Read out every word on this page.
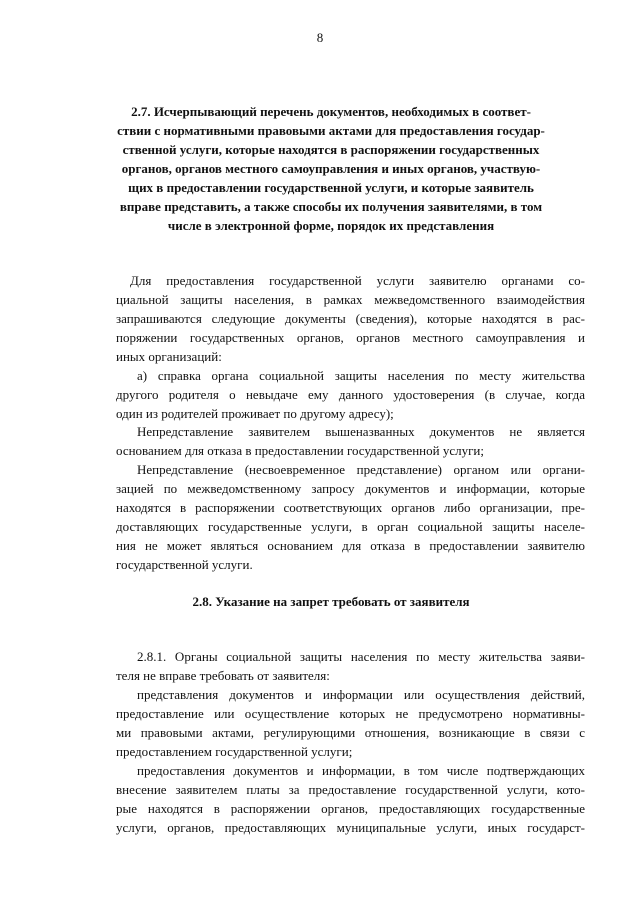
8
2.7. Исчерпывающий перечень документов, необходимых в соответ-
ствии с нормативными правовыми актами для предоставления государ-
ственной услуги, которые находятся в распоряжении государственных
органов, органов местного самоуправления и иных органов, участвую-
щих в предоставлении государственной услуги, и которые заявитель
вправе представить, а также способы их получения заявителями, в том
числе в электронной форме, порядок их представления
Для предоставления государственной услуги заявителю органами со-
циальной защиты населения, в рамках межведомственного взаимодействия
запрашиваются следующие документы (сведения), которые находятся в рас-
поряжении государственных органов, органов местного самоуправления и
иных организаций:
а) справка органа социальной защиты населения по месту жительства
другого родителя о невыдаче ему данного удостоверения (в случае, когда
один из родителей проживает по другому адресу);
Непредставление заявителем вышеназванных документов не является
основанием для отказа в предоставлении государственной услуги;
Непредставление (несвоевременное представление) органом или органи-
зацией по межведомственному запросу документов и информации, которые
находятся в распоряжении соответствующих органов либо организации, пре-
доставляющих государственные услуги, в орган социальной защиты населе-
ния не может являться основанием для отказа в предоставлении заявителю
государственной услуги.
2.8. Указание на запрет требовать от заявителя
2.8.1. Органы социальной защиты населения по месту жительства заяви-
теля не вправе требовать от заявителя:
представления документов и информации или осуществления действий,
предоставление или осуществление которых не предусмотрено нормативны-
ми правовыми актами, регулирующими отношения, возникающие в связи с
предоставлением государственной услуги;
предоставления документов и информации, в том числе подтверждающих
внесение заявителем платы за предоставление государственной услуги, кото-
рые находятся в распоряжении органов, предоставляющих государственные
услуги, органов, предоставляющих муниципальные услуги, иных государст-
